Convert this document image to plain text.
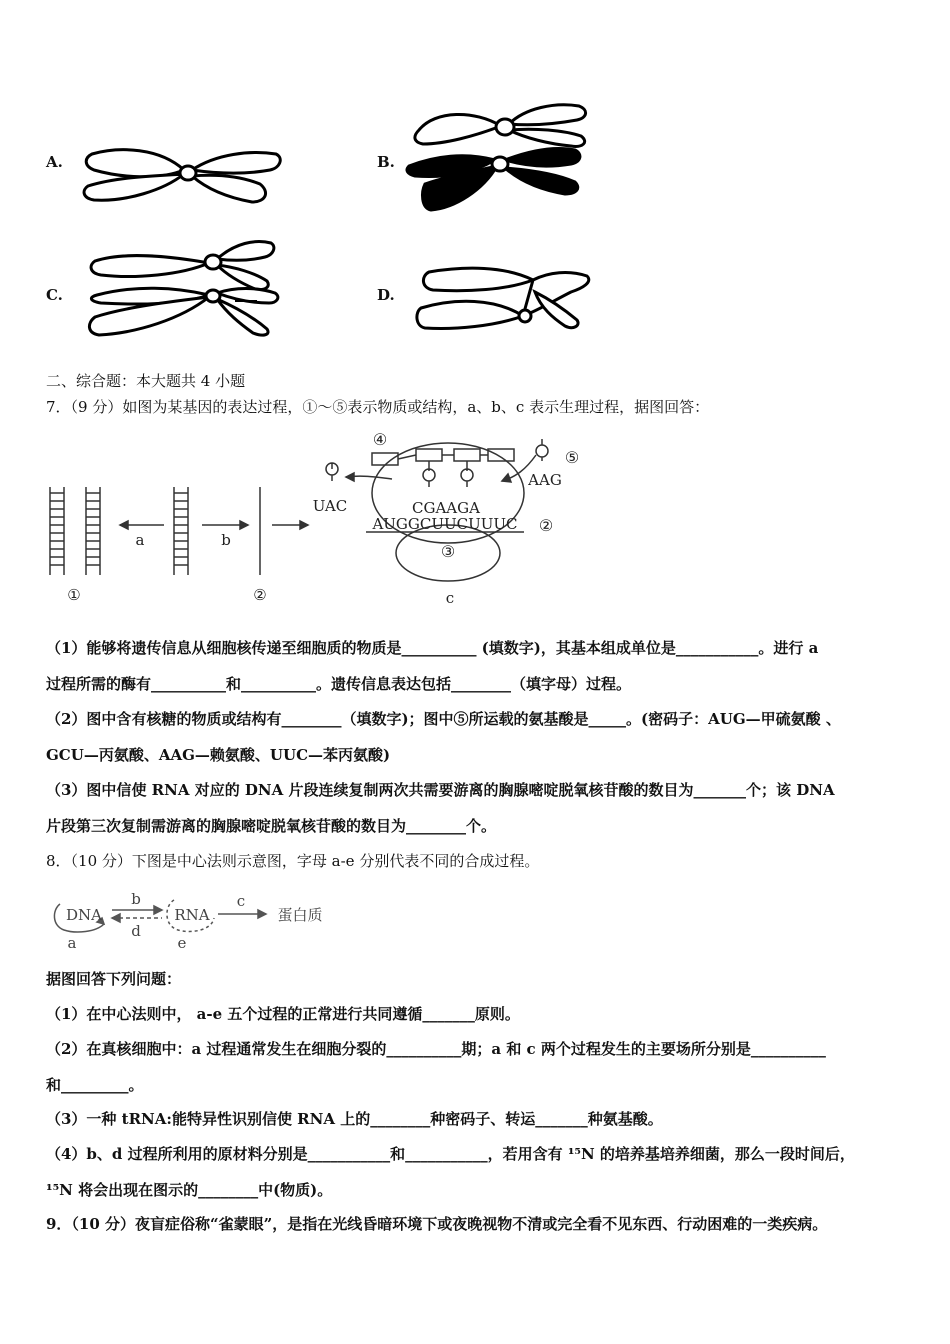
A.	B.
C.	D.
二、综合题：本大题共 4 小题
7．（9 分）如图为某基因的表达过程，①～⑤表示物质或结构，a、b、c 表示生理过程，据图回答：
①	②
a	b
c
④
⑤
UAC
AAG
CGAAGA
AUGGCUUCUUUC ②
③
（1）能够将遗传信息从细胞核传递至细胞质的物质是__________ (填数字)，其基本组成单位是___________。进行 a
过程所需的酶有__________和__________。遗传信息表达包括________（填字母）过程。
（2）图中含有核糖的物质或结构有________（填数字)；图中⑤所运载的氨基酸是_____。(密码子：AUG—甲硫氨酸 、
GCU—丙氨酸、AAG—赖氨酸、UUC—苯丙氨酸)
（3）图中信使 RNA 对应的 DNA 片段连续复制两次共需要游离的胸腺嘧啶脱氧核苷酸的数目为_______个；该 DNA
片段第三次复制需游离的胸腺嘧啶脱氧核苷酸的数目为________个。
8．（10 分）下图是中心法则示意图，字母 a-e 分别代表不同的合成过程。
DNA	RNA	蛋白质
b
d
c
a	e
据图回答下列问题：
（1）在中心法则中， a-e 五个过程的正常进行共同遵循_______原则。
（2）在真核细胞中：a 过程通常发生在细胞分裂的__________期；a 和 c 两个过程发生的主要场所分别是__________
和_________。
（3）一种 tRNA:能特异性识别信使 RNA 上的________种密码子、转运_______种氨基酸。
（4）b、d 过程所利用的原材料分别是___________和___________，若用含有 ¹⁵N 的培养基培养细菌，那么一段时间后，
¹⁵N 将会出现在图示的________中(物质)。
9．（10 分）夜盲症俗称“雀蒙眼”，是指在光线昏暗环境下或夜晚视物不清或完全看不见东西、行动困难的一类疾病。
